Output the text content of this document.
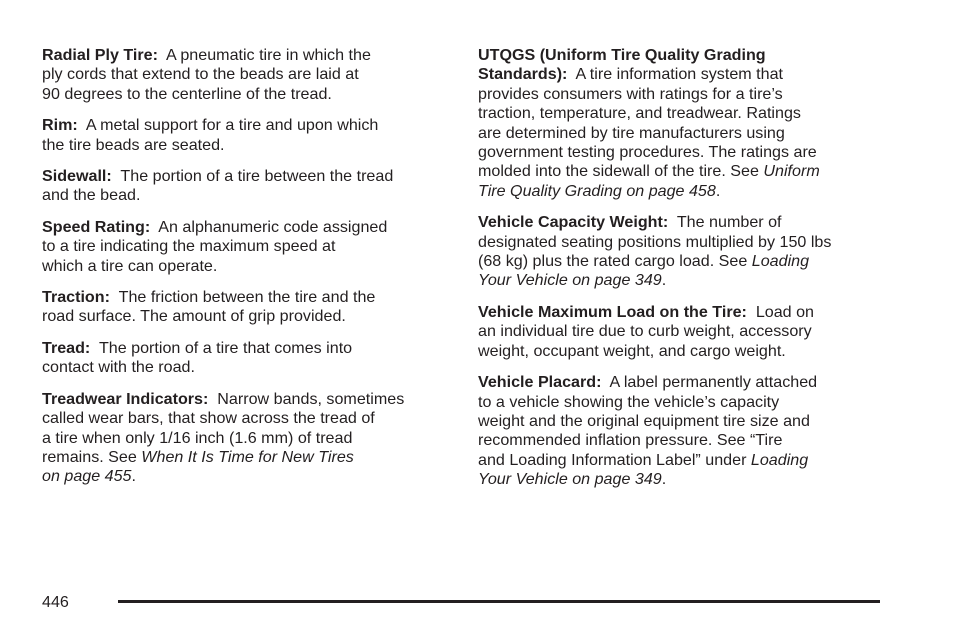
Radial Ply Tire:  A pneumatic tire in which the
ply cords that extend to the beads are laid at
90 degrees to the centerline of the tread.
Rim:  A metal support for a tire and upon which
the tire beads are seated.
Sidewall:  The portion of a tire between the tread
and the bead.
Speed Rating:  An alphanumeric code assigned
to a tire indicating the maximum speed at
which a tire can operate.
Traction:  The friction between the tire and the
road surface. The amount of grip provided.
Tread:  The portion of a tire that comes into
contact with the road.
Treadwear Indicators:  Narrow bands, sometimes
called wear bars, that show across the tread of
a tire when only 1/16 inch (1.6 mm) of tread
remains. See When It Is Time for New Tires
on page 455.
UTQGS (Uniform Tire Quality Grading
Standards):  A tire information system that
provides consumers with ratings for a tire’s
traction, temperature, and treadwear. Ratings
are determined by tire manufacturers using
government testing procedures. The ratings are
molded into the sidewall of the tire. See Uniform
Tire Quality Grading on page 458.
Vehicle Capacity Weight:  The number of
designated seating positions multiplied by 150 lbs
(68 kg) plus the rated cargo load. See Loading
Your Vehicle on page 349.
Vehicle Maximum Load on the Tire:  Load on
an individual tire due to curb weight, accessory
weight, occupant weight, and cargo weight.
Vehicle Placard:  A label permanently attached
to a vehicle showing the vehicle’s capacity
weight and the original equipment tire size and
recommended inflation pressure. See “Tire
and Loading Information Label” under Loading
Your Vehicle on page 349.
446
